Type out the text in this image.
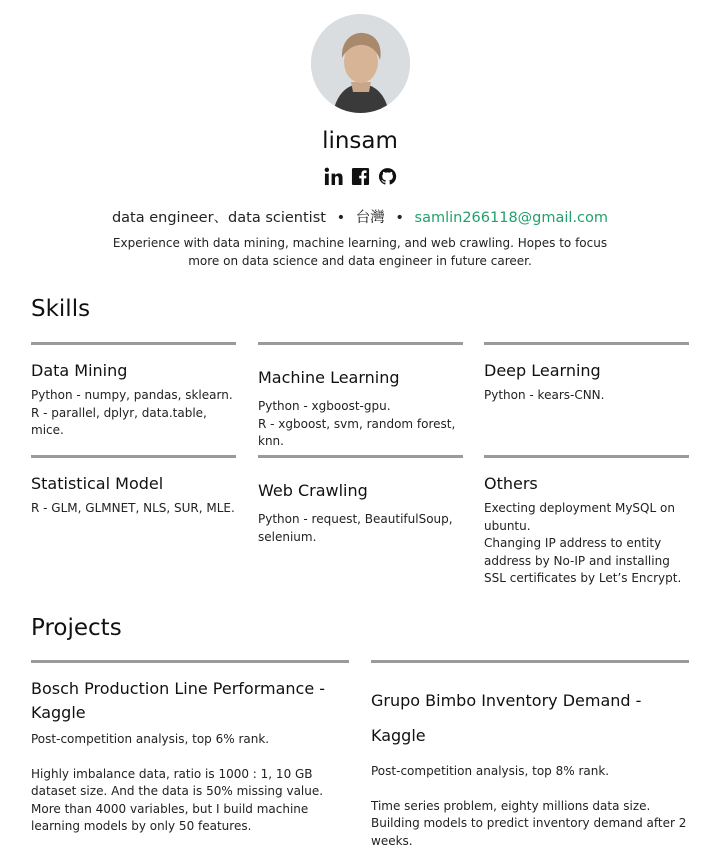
linsam
data engineer、data scientist • 台灣 • samlin266118@gmail.com
Experience with data mining, machine learning, and web crawling. Hopes to focus more on data science and data engineer in future career.
Skills
Data Mining

Python - numpy, pandas, sklearn.
R - parallel, dplyr, data.table, mice.

Machine Learning

Python - xgboost-gpu.
R - xgboost, svm, random forest, knn.

Deep Learning

Python - kears-CNN.

Statistical Model

R - GLM, GLMNET, NLS, SUR, MLE.

Web Crawling

Python - request, BeautifulSoup, selenium.

Others

Execting deployment MySQL on ubuntu.
Changing IP address to entity address by No-IP and installing SSL certificates by Let’s Encrypt.

Projects
Bosch Production Line Performance - Kaggle

Post-competition analysis, top 6% rank.

Highly imbalance data, ratio is 1000 : 1, 10 GB dataset size. And the data is 50% missing value. More than 4000 variables, but I build machine learning models by only 50 features.

Grupo Bimbo Inventory Demand - Kaggle

Post-competition analysis, top 8% rank.

Time series problem, eighty millions data size. Building models to predict inventory demand after 2 weeks.
